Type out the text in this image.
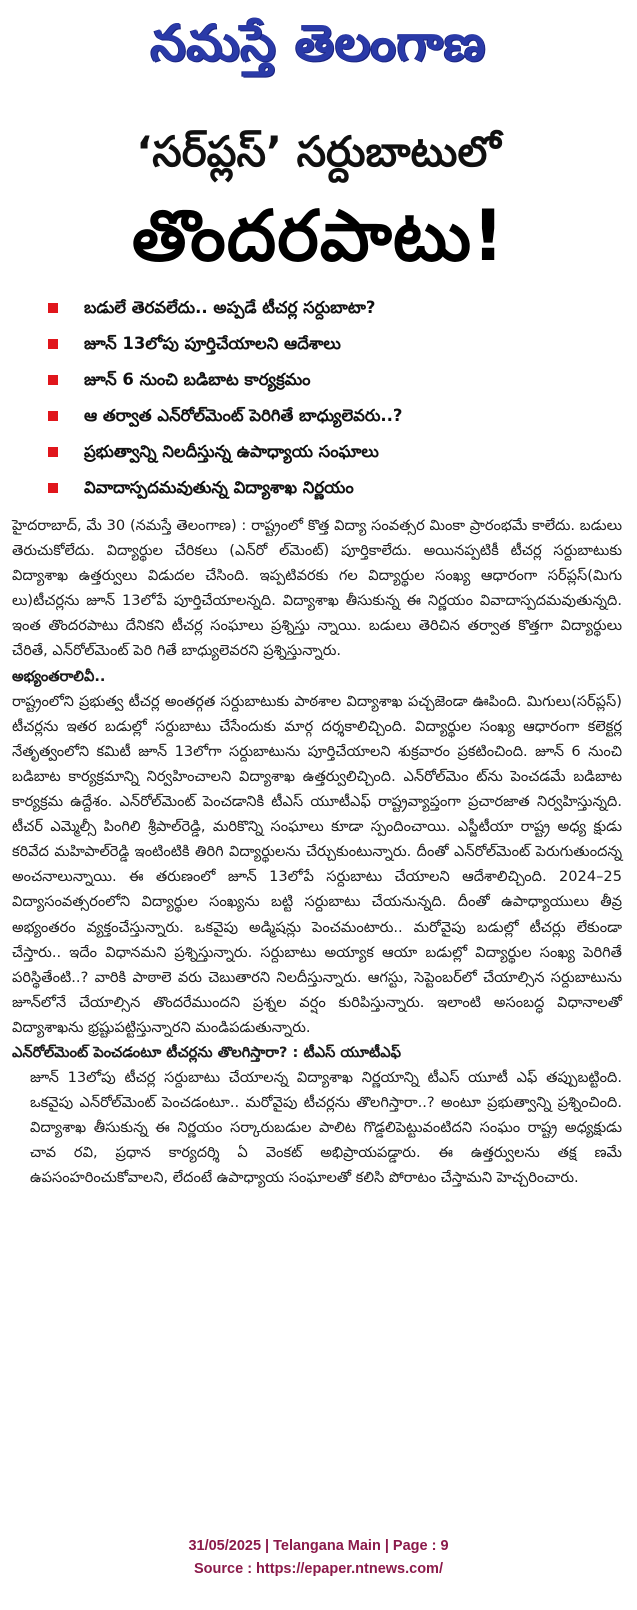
నమస్తే తెలంగాణ
‘సర్‌ప్లస్’ సర్దుబాటులో
తొందరపాటు!
బడులే తెరవలేదు.. అప్పడే టీచర్ల సర్దుబాటా?
జూన్ 13లోపు పూర్తిచేయాలని ఆదేశాలు
జూన్ 6 నుంచి బడిబాట కార్యక్రమం
ఆ తర్వాత ఎన్‌రోల్‌మెంట్ పెరిగితే బాధ్యులెవరు..?
ప్రభుత్వాన్ని నిలదీస్తున్న ఉపాధ్యాయ సంఘాలు
వివాదాస్పదమవుతున్న విద్యాశాఖ నిర్ణయం

హైదరాబాద్, మే 30 (నమస్తే తెలంగాణ) : రాష్ట్రంలో కొత్త విద్యా సంవత్సర మింకా ప్రారంభమే కాలేదు. బడులు తెరుచుకోలేదు. విద్యార్థుల చేరికలు (ఎన్‌రో ల్‌మెంట్) పూర్తికాలేదు. అయినప్పటికీ టీచర్ల సర్దుబాటుకు విద్యాశాఖ ఉత్తర్వులు విడుదల చేసింది. ఇప్పటివరకు గల విద్యార్థుల సంఖ్య ఆధారంగా సర్‌ప్లస్(మిగు లు)టీచర్లను జూన్ 13లోపే పూర్తిచేయాలన్నది. విద్యాశాఖ తీసుకున్న ఈ నిర్ణయం వివాదాస్పదమవుతున్నది. ఇంత తొందరపాటు దేనికని టీచర్ల సంఘాలు ప్రశ్నిస్తు న్నాయి. బడులు తెరిచిన తర్వాత కొత్తగా విద్యార్థులు చేరితే, ఎన్‌రోల్‌మెంట్ పెరి గితే బాధ్యులెవరని ప్రశ్నిస్తున్నారు.

అభ్యంతరాలివీ..

రాష్ట్రంలోని ప్రభుత్వ టీచర్ల అంతర్గత సర్దుబాటుకు పాఠశాల విద్యాశాఖ పచ్చజెండా ఊపింది. మిగులు(సర్‌ప్లస్) టీచర్లను ఇతర బడుల్లో సర్దుబాటు చేసేందుకు మార్గ దర్శకాలిచ్చింది. విద్యార్థుల సంఖ్య ఆధారంగా కలెక్టర్ల నేతృత్వంలోని కమిటీ జూన్ 13లోగా సర్దుబాటును పూర్తిచేయాలని శుక్రవారం ప్రకటించింది. జూన్ 6 నుంచి బడిబాట కార్యక్రమాన్ని నిర్వహించాలని విద్యాశాఖ ఉత్తర్వులిచ్చింది. ఎన్‌రోల్‌మెం ట్‌ను పెంచడమే బడిబాట కార్యక్రమ ఉద్దేశం. ఎన్‌రోల్‌మెంట్ పెంచడానికి టీఎస్ యూటీఎఫ్ రాష్ట్రవ్యాప్తంగా ప్రచారజాత నిర్వహిస్తున్నది. టీచర్ ఎమ్మెల్సీ పింగిలి శ్రీపాల్‌రెడ్డి, మరికొన్ని సంఘాలు కూడా స్పందించాయి. ఎస్జీటీయా రాష్ట్ర అధ్య క్షుడు కరివేద మహిపాల్‌రెడ్డి ఇంటింటికి తిరిగి విద్యార్థులను చేర్చుకుంటున్నారు. దీంతో ఎన్‌రోల్‌మెంట్ పెరుగుతుందన్న అంచనాలున్నాయి. ఈ తరుణంలో జూన్ 13లోపే సర్దుబాటు చేయాలని ఆదేశాలిచ్చింది. 2024–25 విద్యాసంవత్సరంలోని విద్యార్థుల సంఖ్యను బట్టి సర్దుబాటు చేయనున్నది. దీంతో ఉపాధ్యాయులు తీవ్ర అభ్యంతరం వ్యక్తంచేస్తున్నారు. ఒకవైపు అడ్మిషన్లు పెంచమంటారు.. మరోవైపు బడుల్లో టీచర్లు లేకుండా చేస్తారు.. ఇదేం విధానమని ప్రశ్నిస్తున్నారు. సర్దుబాటు అయ్యాక ఆయా బడుల్లో విద్యార్థుల సంఖ్య పెరిగితే పరిస్థితేంటి..? వారికి పాఠాలె వరు చెబుతారని నిలదీస్తున్నారు. ఆగస్టు, సెప్టెంబర్‌లో చేయాల్సిన సర్దుబాటును జూన్‌లోనే చేయాల్సిన తొందరేముందని ప్రశ్నల వర్షం కురిపిస్తున్నారు. ఇలాంటి అసంబద్ధ విధానాలతో విద్యాశాఖను భ్రష్టుపట్టిస్తున్నారని మండిపడుతున్నారు.

ఎన్‌రోల్‌మెంట్ పెంచడంటూ టీచర్లను తొలగిస్తారా? : టీఎస్ యూటీఎఫ్

జూన్ 13లోపు టీచర్ల సర్దుబాటు చేయాలన్న విద్యాశాఖ నిర్ణయాన్ని టీఎస్ యూటీ ఎఫ్ తప్పుబట్టింది. ఒకవైపు ఎన్‌రోల్‌మెంట్ పెంచడంటూ.. మరోవైపు టీచర్లను తొలగిస్తారా..? అంటూ ప్రభుత్వాన్ని ప్రశ్నించింది. విద్యాశాఖ తీసుకున్న ఈ నిర్ణయం సర్కారుబడుల పాలిట గొడ్డలిపెట్టువంటిదని సంఘం రాష్ట్ర అధ్యక్షుడు చావ రవి, ప్రధాన కార్యదర్శి ఏ వెంకట్ అభిప్రాయపడ్డారు. ఈ ఉత్తర్వులను తక్ష ణమే ఉపసంహరించుకోవాలని, లేదంటే ఉపాధ్యాయ సంఘాలతో కలిసి పోరాటం చేస్తామని హెచ్చరించారు.

31/05/2025 | Telangana Main | Page : 9
Source : https://epaper.ntnews.com/
